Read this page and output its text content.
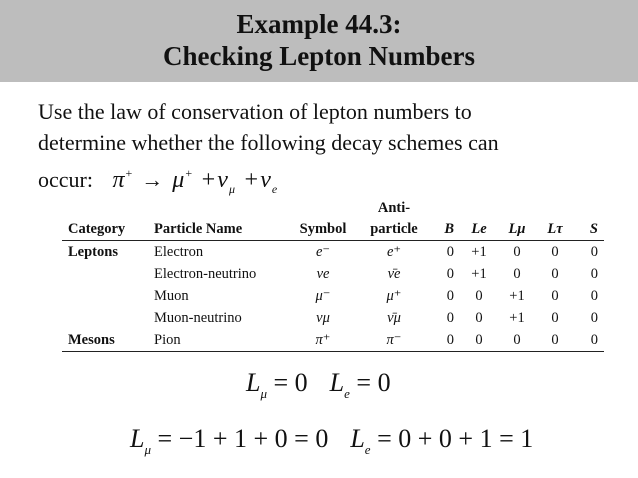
Example 44.3:
Checking Lepton Numbers
Use the law of conservation of lepton numbers to
determine whether the following decay schemes can
occur:   $\pi^+ \to \mu^+ +\nu_\mu +\nu_e$
			Anti-					
Category	Particle Name	Symbol	particle	B	Le	Lμ	Lτ	S
Leptons	Electron	e⁻	e⁺	0	+1	0	0	0
	Electron-neutrino	νe	ν̄e	0	+1	0	0	0
	Muon	μ⁻	μ⁺	0	0	+1	0	0
	Muon-neutrino	νμ	ν̄μ	0	0	+1	0	0
Mesons	Pion	π⁺	π⁻	0	0	0	0	0
$L_\mu = 0$ $L_e = 0$
$L_\mu = -1 + 1 + 0 = 0$ $L_e = 0 + 0 + 1 = 1$
